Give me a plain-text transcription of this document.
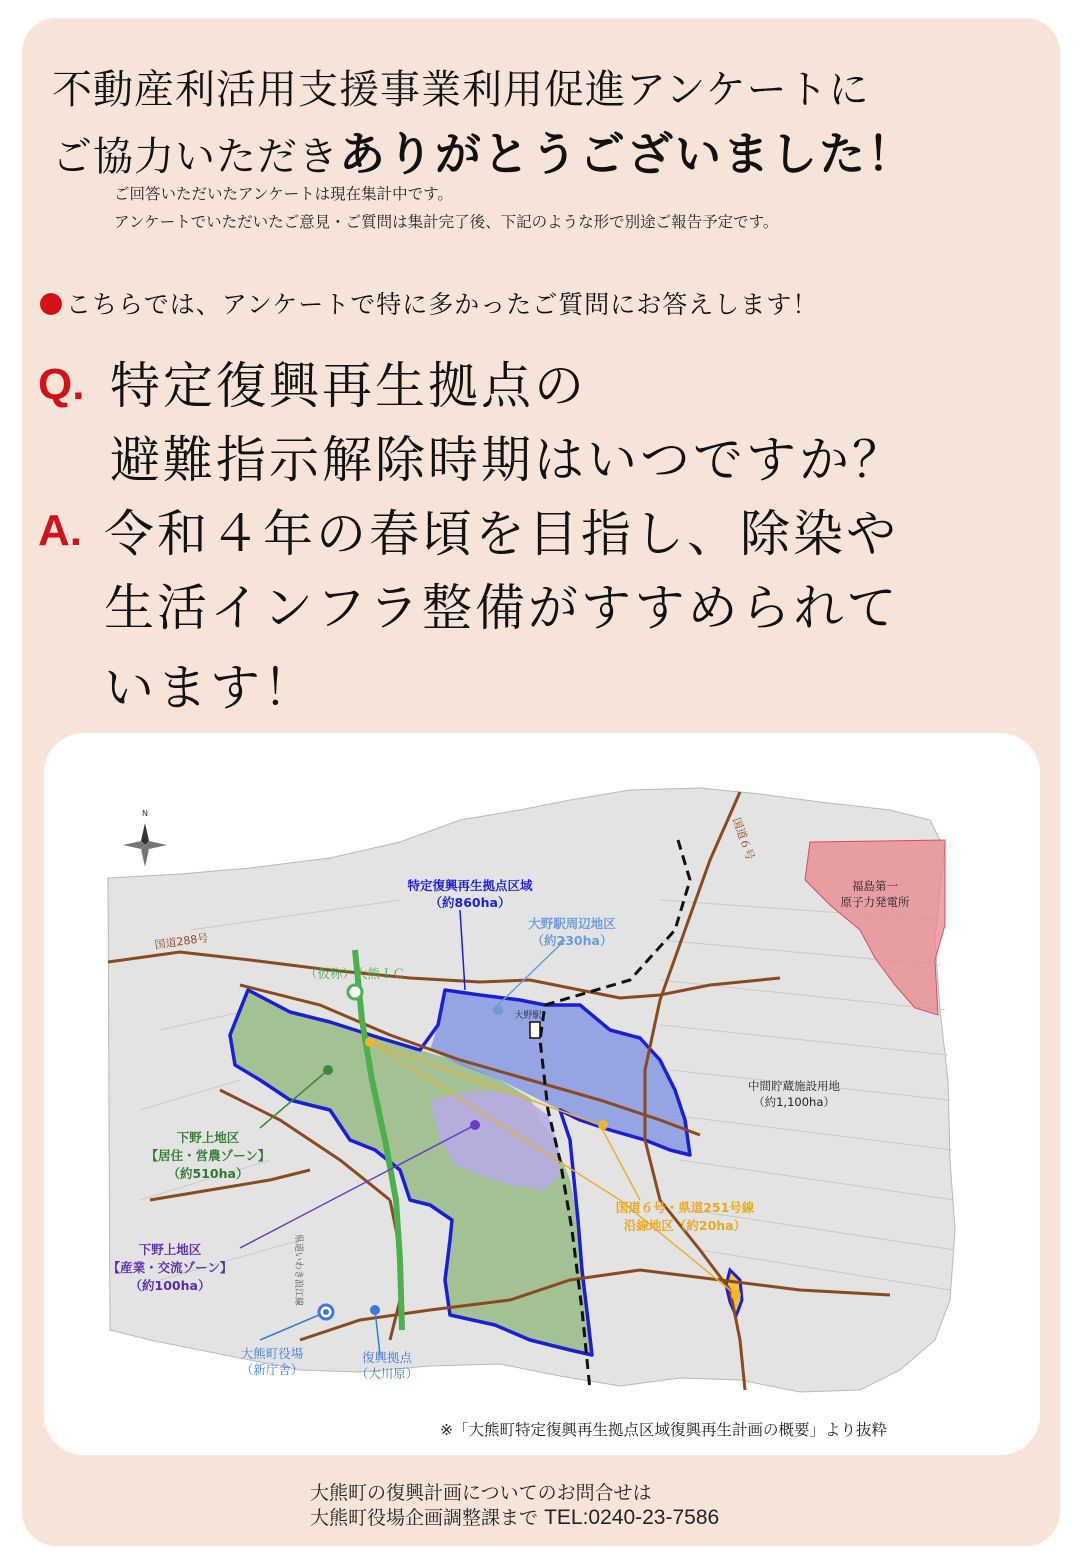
不動産利活用支援事業利用促進アンケートに
ご協力いただきありがとうございました！
ご回答いただいたアンケートは現在集計中です。
アンケートでいただいたご意見・ご質問は集計完了後、下記のような形で別途ご報告予定です。
こちらでは、アンケートで特に多かったご質問にお答えします！
Q. 特定復興再生拠点の
避難指示解除時期はいつですか？
A. 令和４年の春頃を目指し、除染や
生活インフラ整備がすすめられて
います！
N
特定復興再生拠点区域
（約860ha）
大野駅周辺地区
（約230ha）
（仮称）大熊ＩＣ
国道288号
国道６号
大野駅
福島第一
原子力発電所
中間貯蔵施設用地
（約1,100ha）
下野上地区
【居住・営農ゾーン】
（約510ha）
下野上地区
【産業・交流ゾーン】
（約100ha）
国道６号・県道251号線
沿線地区（約20ha）
大熊町役場
（新庁舎）
復興拠点
（大川原）
県道いわき浪江線
※「大熊町特定復興再生拠点区域復興再生計画の概要」より抜粋
大熊町の復興計画についてのお問合せは
大熊町役場企画調整課まで TEL:0240-23-7586
